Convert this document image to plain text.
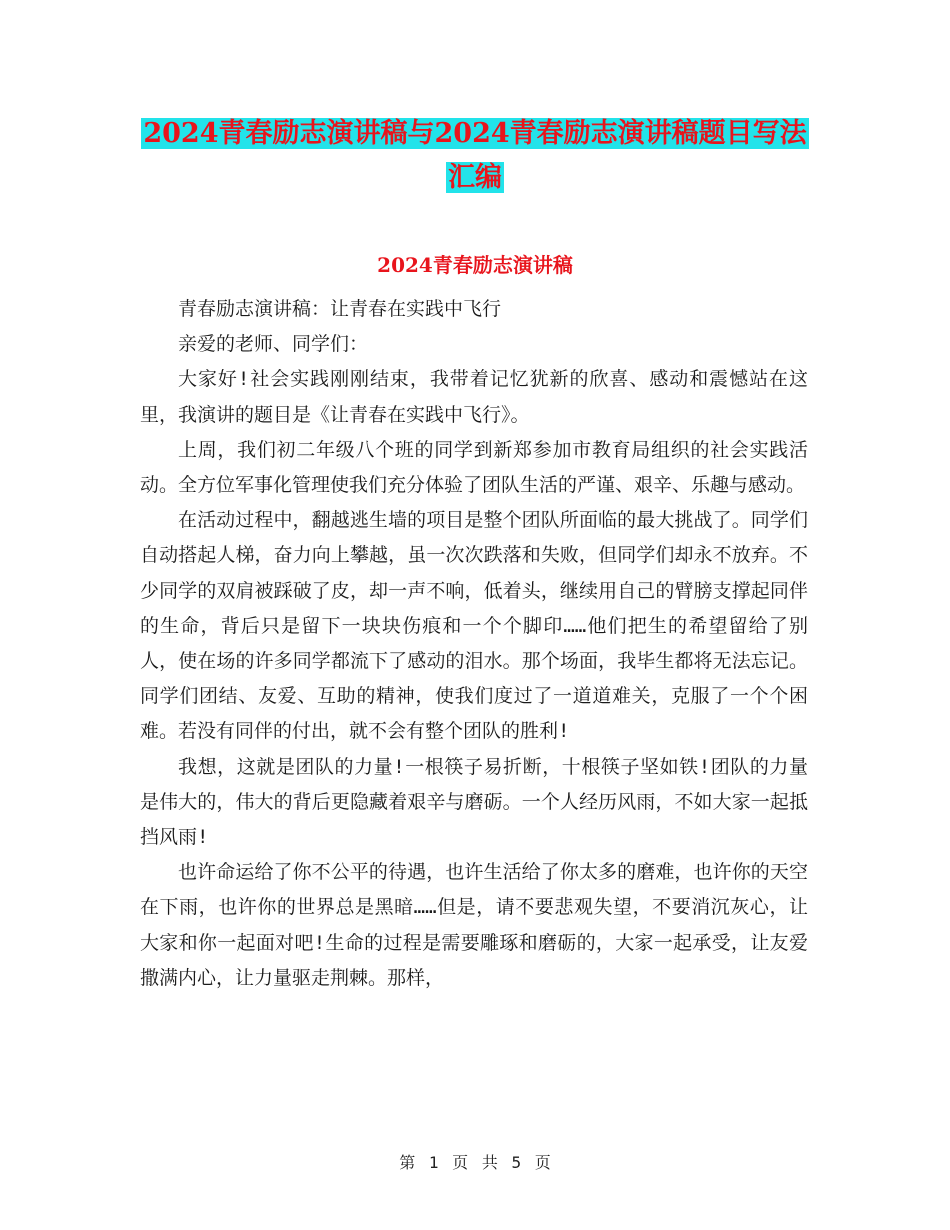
2024青春励志演讲稿与2024青春励志演讲稿题目写法
汇编
2024青春励志演讲稿

青春励志演讲稿：让青春在实践中飞行

亲爱的老师、同学们：

大家好!社会实践刚刚结束，我带着记忆犹新的欣喜、感动和震憾站在这里，我演讲的题目是《让青春在实践中飞行》。

上周，我们初二年级八个班的同学到新郑参加市教育局组织的社会实践活动。全方位军事化管理使我们充分体验了团队生活的严谨、艰辛、乐趣与感动。

在活动过程中，翻越逃生墙的项目是整个团队所面临的最大挑战了。同学们自动搭起人梯，奋力向上攀越，虽一次次跌落和失败，但同学们却永不放弃。不少同学的双肩被踩破了皮，却一声不响，低着头，继续用自己的臂膀支撑起同伴的生命，背后只是留下一块块伤痕和一个个脚印……他们把生的希望留给了别人，使在场的许多同学都流下了感动的泪水。那个场面，我毕生都将无法忘记。同学们团结、友爱、互助的精神，使我们度过了一道道难关，克服了一个个困难。若没有同伴的付出，就不会有整个团队的胜利!

我想，这就是团队的力量!一根筷子易折断，十根筷子坚如铁!团队的力量是伟大的，伟大的背后更隐藏着艰辛与磨砺。一个人经历风雨，不如大家一起抵挡风雨!

也许命运给了你不公平的待遇，也许生活给了你太多的磨难，也许你的天空在下雨，也许你的世界总是黑暗……但是，请不要悲观失望，不要消沉灰心，让大家和你一起面对吧!生命的过程是需要雕琢和磨砺的，大家一起承受，让友爱撒满内心，让力量驱走荆棘。那样，

第 1 页 共 5 页
